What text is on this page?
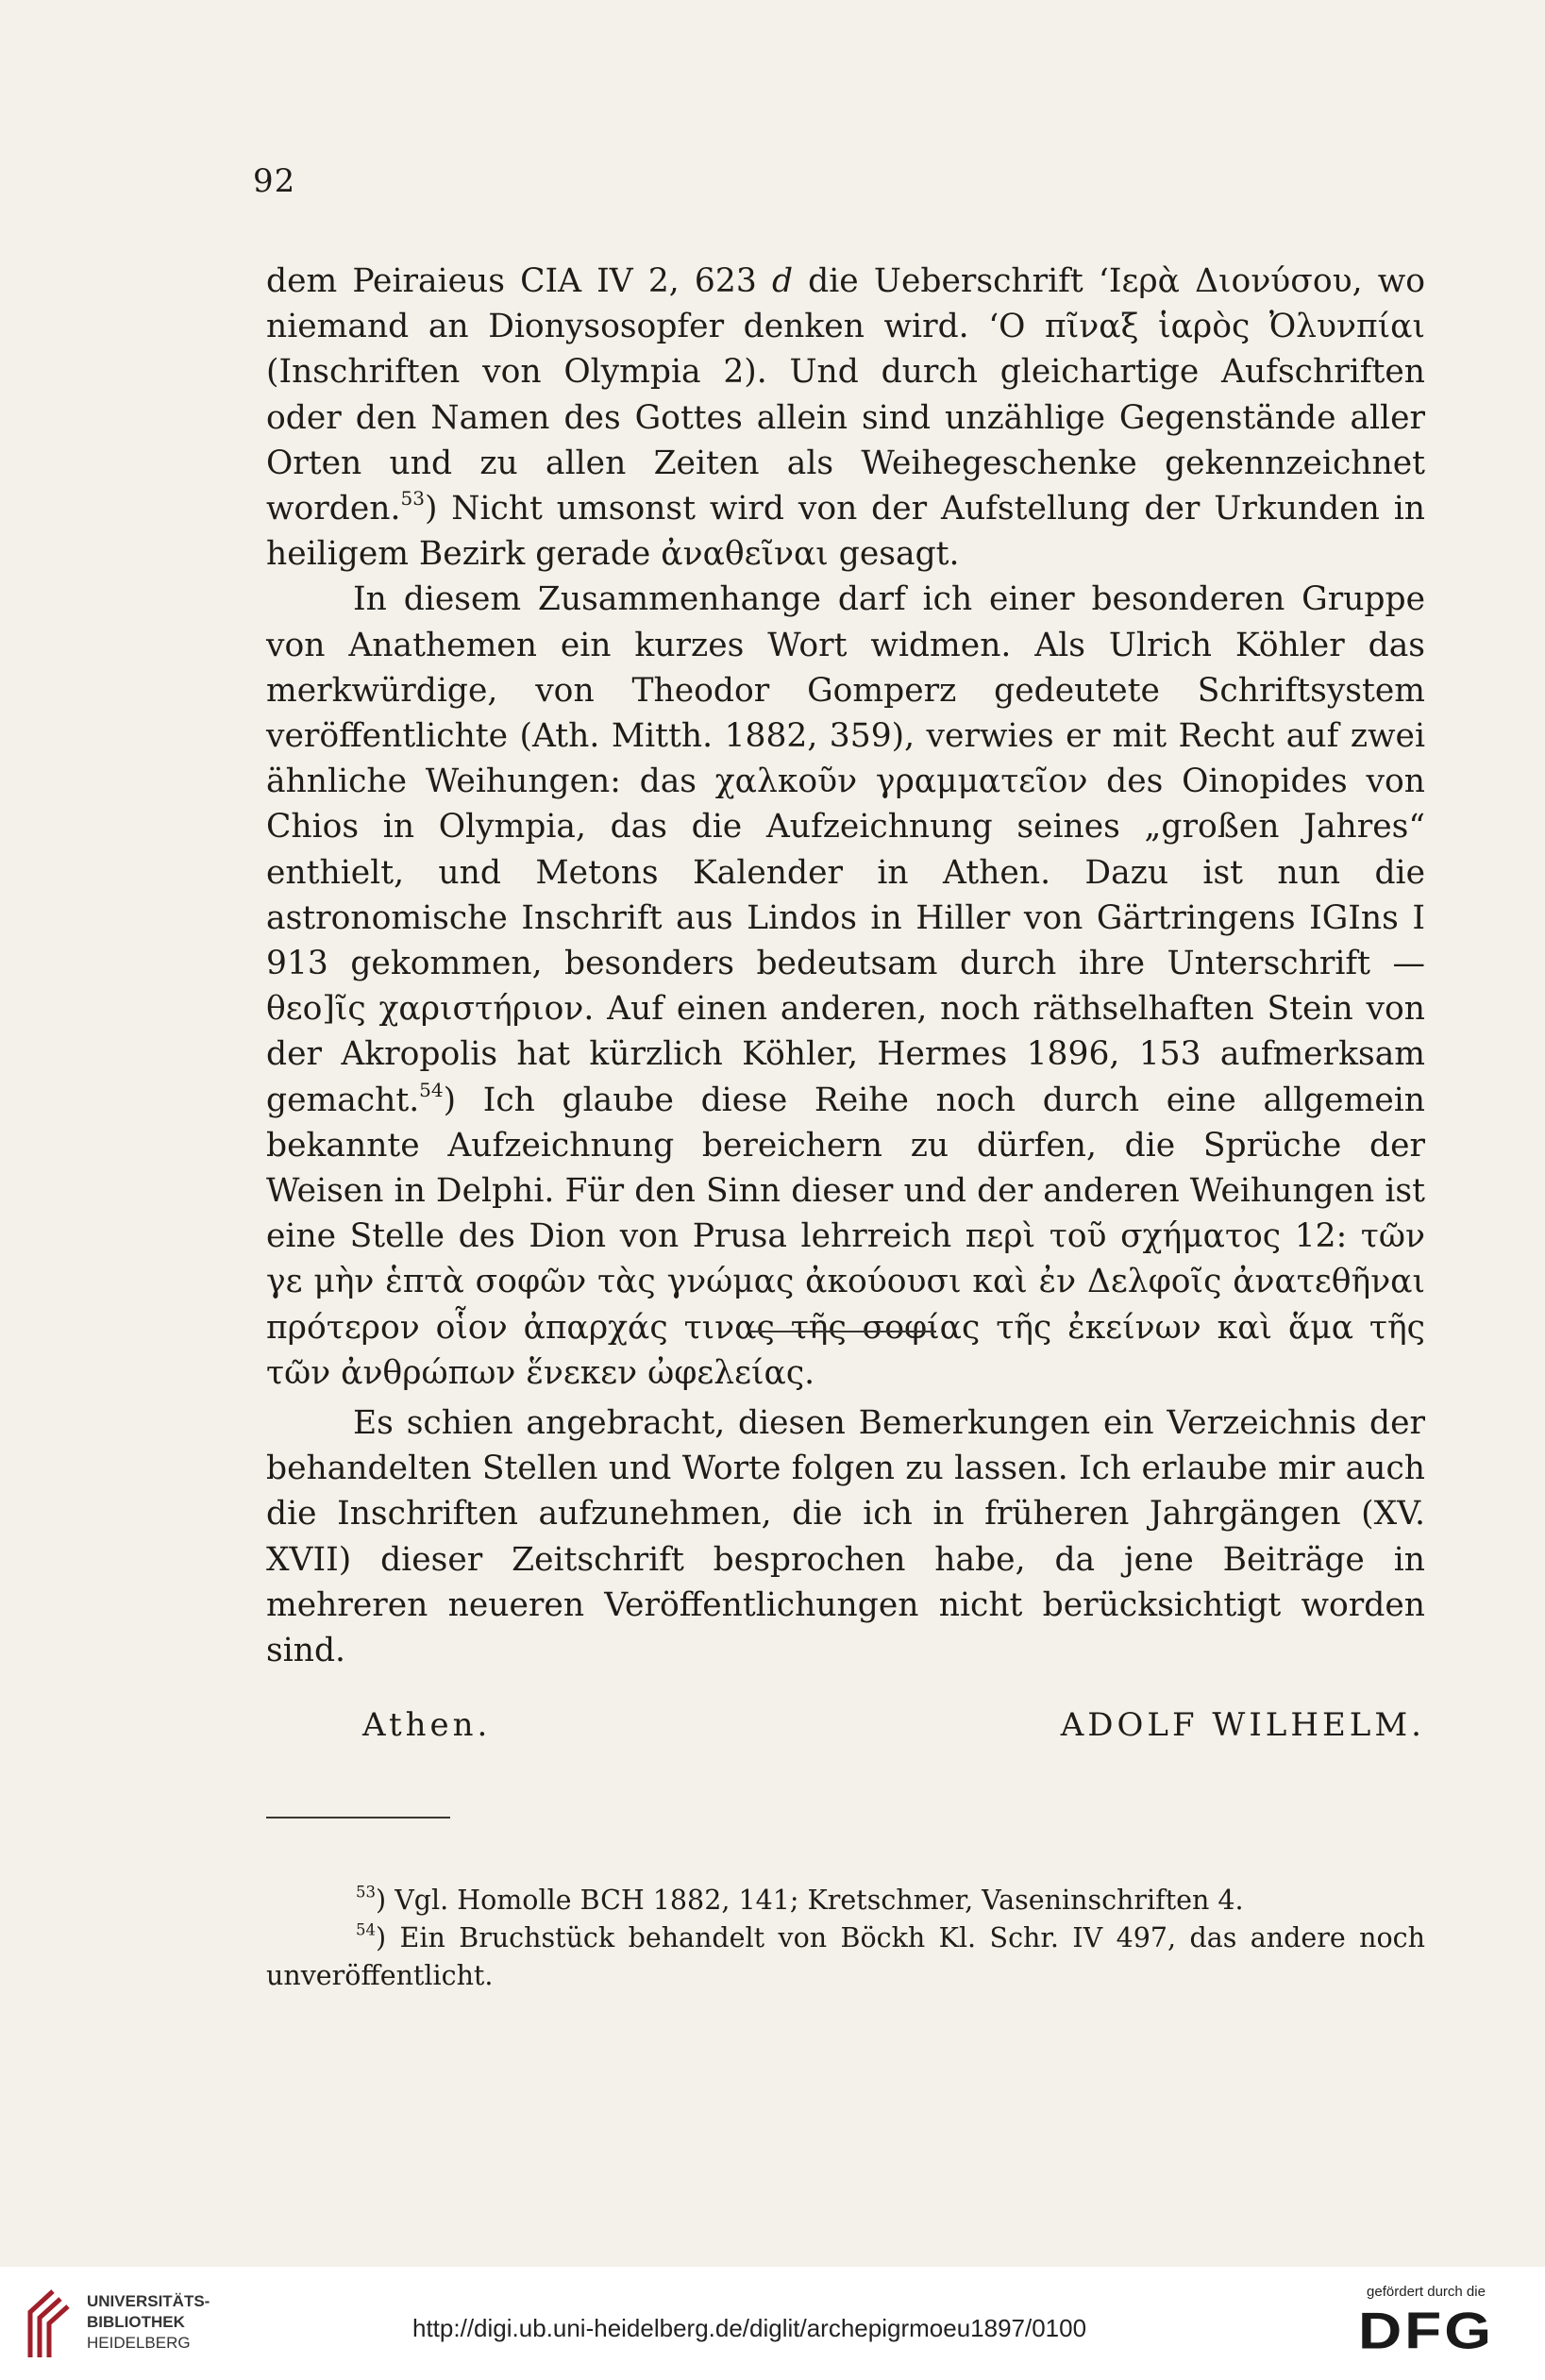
92

dem Peiraieus CIA IV 2, 623 d die Ueberschrift ‘Ιερὰ Διονύσου, wo niemand an Dionysosopfer denken wird. ‘Ο πῖναξ ἱαρὸς Ὀλυνπίαι (Inschriften von Olympia 2). Und durch gleichartige Aufschriften oder den Namen des Gottes allein sind unzählige Gegenstände aller Orten und zu allen Zeiten als Weihegeschenke gekennzeichnet worden.$^{53}$) Nicht umsonst wird von der Aufstellung der Urkunden in heiligem Bezirk gerade ἀναθεῖναι gesagt.

In diesem Zusammenhange darf ich einer besonderen Gruppe von Anathemen ein kurzes Wort widmen. Als Ulrich Köhler das merkwürdige, von Theodor Gomperz gedeutete Schriftsystem veröffentlichte (Ath. Mitth. 1882, 359), verwies er mit Recht auf zwei ähnliche Weihungen: das χαλκοῦν γραμματεῖον des Oinopides von Chios in Olympia, das die Aufzeichnung seines „großen Jahres“ enthielt, und Metons Kalender in Athen. Dazu ist nun die astronomische Inschrift aus Lindos in Hiller von Gärtringens IGIns I 913 gekommen, besonders bedeutsam durch ihre Unterschrift — θεο]ῖς χαριστήριον. Auf einen anderen, noch räthselhaften Stein von der Akropolis hat kürzlich Köhler, Hermes 1896, 153 aufmerksam gemacht.$^{54}$) Ich glaube diese Reihe noch durch eine allgemein bekannte Aufzeichnung bereichern zu dürfen, die Sprüche der Weisen in Delphi. Für den Sinn dieser und der anderen Weihungen ist eine Stelle des Dion von Prusa lehrreich περὶ τοῦ σχήματος 12: τῶν γε μὴν ἑπτὰ σοφῶν τὰς γνώμας ἀκούουσι καὶ ἐν Δελφοῖς ἀνατεθῆναι πρότερον οἷον ἀπαρχάς τινας τῆς σοφίας τῆς ἐκείνων καὶ ἅμα τῆς τῶν ἀνθρώπων ἕνεκεν ὠφελείας.

Es schien angebracht, diesen Bemerkungen ein Verzeichnis der behandelten Stellen und Worte folgen zu lassen. Ich erlaube mir auch die Inschriften aufzunehmen, die ich in früheren Jahrgängen (XV. XVII) dieser Zeitschrift besprochen habe, da jene Beiträge in mehreren neueren Veröffentlichungen nicht berücksichtigt worden sind.

Athen.	ADOLF WILHELM.

$^{53}$) Vgl. Homolle BCH 1882, 141; Kretschmer, Vaseninschriften 4.

$^{54}$) Ein Bruchstück behandelt von Böckh Kl. Schr. IV 497, das andere noch unveröffentlicht.

UNIVERSITÄTS-
BIBLIOTHEK
HEIDELBERG
http://digi.ub.uni-heidelberg.de/diglit/archepigrmoeu1897/0100
gefördert durch die
DFG
